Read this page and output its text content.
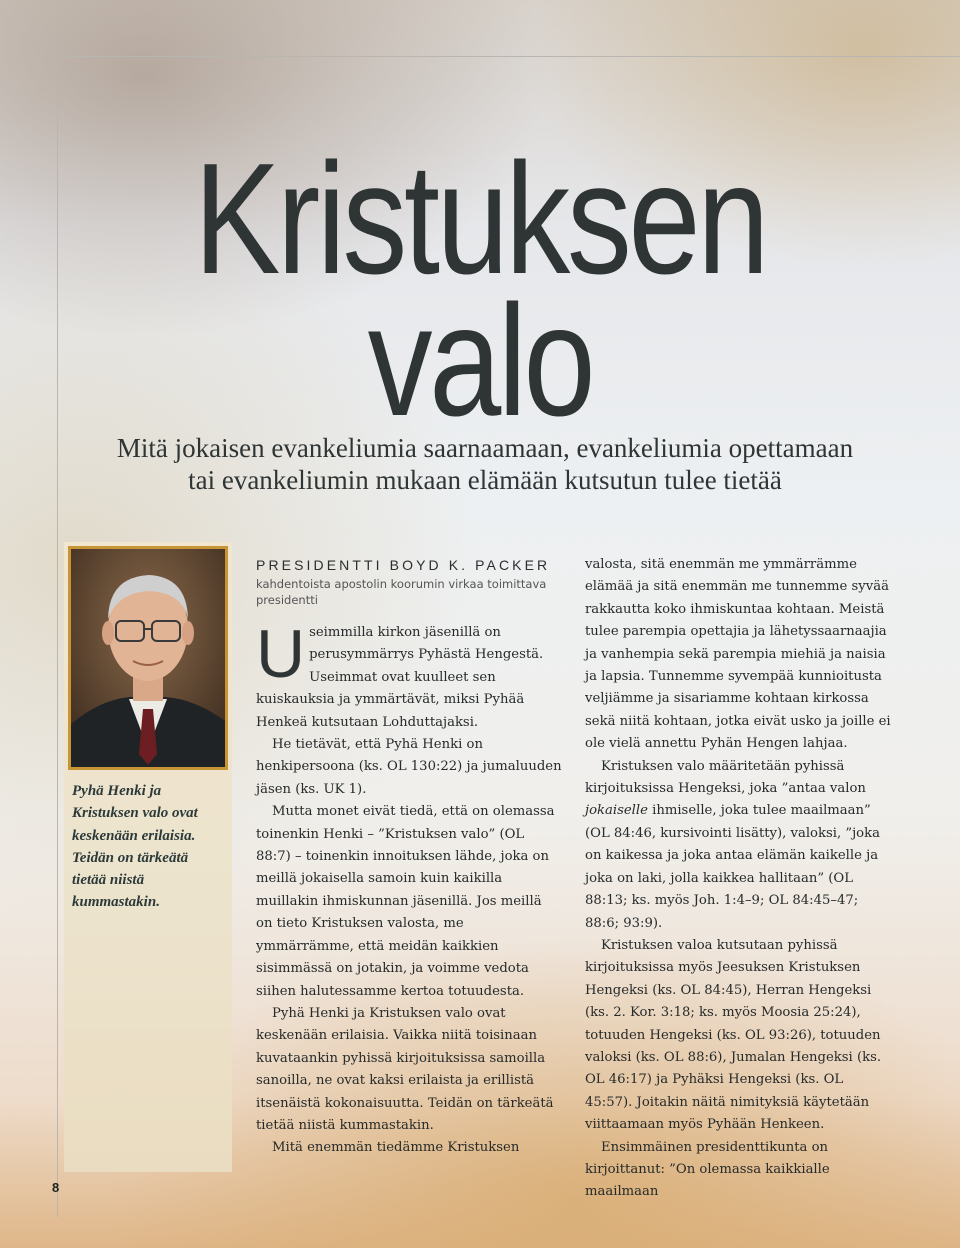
Kristuksen
valo
Mitä jokaisen evankeliumia saarnaamaan, evankeliumia opettamaan
tai evankeliumin mukaan elämään kutsutun tulee tietää

Pyhä Henki ja Kristuksen valo ovat keskenään erilaisia. Teidän on tärkeätä tietää niistä kummastakin.

PRESIDENTTI BOYD K. PACKER

kahdentoista apostolin koorumin virkaa toimittava presidentti

Useimmilla kirkon jäsenillä on perusymmärrys Pyhästä Hengestä. Useimmat ovat kuulleet sen kuiskauksia ja ymmärtävät, miksi Pyhää Henkeä kutsutaan Lohduttajaksi.

He tietävät, että Pyhä Henki on henkipersoona (ks. OL 130:22) ja jumaluuden jäsen (ks. UK 1).

Mutta monet eivät tiedä, että on olemassa toinenkin Henki – ”Kristuksen valo” (OL 88:7) – toinenkin innoituksen lähde, joka on meillä jokaisella samoin kuin kaikilla muillakin ihmiskunnan jäsenillä. Jos meillä on tieto Kristuksen valosta, me ymmärrämme, että meidän kaikkien sisimmässä on jotakin, ja voimme vedota siihen halutessamme kertoa totuudesta.

Pyhä Henki ja Kristuksen valo ovat keskenään erilaisia. Vaikka niitä toisinaan kuvataankin pyhissä kirjoituksissa samoilla sanoilla, ne ovat kaksi erilaista ja erillistä itsenäistä kokonaisuutta. Teidän on tärkeätä tietää niistä kummastakin.

Mitä enemmän tiedämme Kristuksen

valosta, sitä enemmän me ymmärrämme elämää ja sitä enemmän me tunnemme syvää rakkautta koko ihmiskuntaa kohtaan. Meistä tulee parempia opettajia ja lähetyssaarnaajia ja vanhempia sekä parempia miehiä ja naisia ja lapsia. Tunnemme syvempää kunnioitusta veljiämme ja sisariamme kohtaan kirkossa sekä niitä kohtaan, jotka eivät usko ja joille ei ole vielä annettu Pyhän Hengen lahjaa.

Kristuksen valo määritetään pyhissä kirjoituksissa Hengeksi, joka ”antaa valon jokaiselle ihmiselle, joka tulee maailmaan” (OL 84:46, kursivointi lisätty), valoksi, ”joka on kaikessa ja joka antaa elämän kaikelle ja joka on laki, jolla kaikkea hallitaan” (OL 88:13; ks. myös Joh. 1:4–9; OL 84:45–47; 88:6; 93:9).

Kristuksen valoa kutsutaan pyhissä kirjoituksissa myös Jeesuksen Kristuksen Hengeksi (ks. OL 84:45), Herran Hengeksi (ks. 2. Kor. 3:18; ks. myös Moosia 25:24), totuuden Hengeksi (ks. OL 93:26), totuuden valoksi (ks. OL 88:6), Jumalan Hengeksi (ks. OL 46:17) ja Pyhäksi Hengeksi (ks. OL 45:57). Joitakin näitä nimityksiä käytetään viittaamaan myös Pyhään Henkeen.

Ensimmäinen presidenttikunta on kirjoittanut: ”On olemassa kaikkialle maailmaan

8
